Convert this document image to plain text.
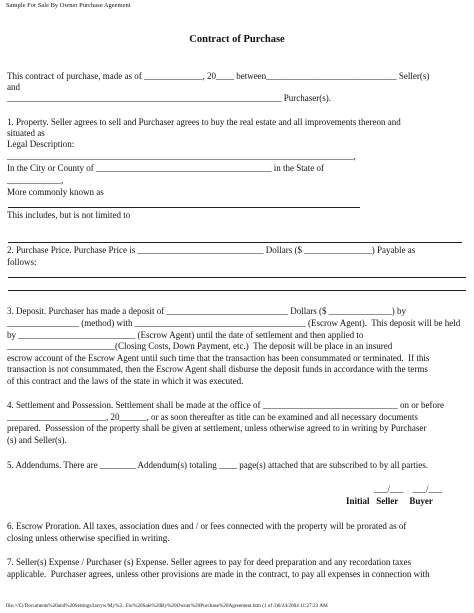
Sample For Sale By Owner Purchase Ageement
Contract of Purchase
This contract of purchase, made as of _____________, 20____ between_____________________________ Seller(s)
and
_____________________________________________________________ Purchaser(s).
1. Property. Seller agrees to sell and Purchaser agrees to buy the real estate and all improvements thereon and
situated as
Legal Description:
_____________________________________________________________________________,
In the City or County of _______________________________________ in the State of
____________,
More commonly known as
This includes, but is not limited to
2. Purchase Price. Purchase Price is ____________________________ Dollars ($ _______________) Payable as
follows:
3. Deposit. Purchaser has made a deposit of ___________________________ Dollars ($ ______________) by
________________ (method) with ______________________________________ (Escrow Agent).  This deposit will be held
by __________________________ (Escrow Agent) until the date of settlement and then applied to
________________________(Closing Costs, Down Payment, etc.)  The deposit will be place in an insured
escrow account of the Escrow Agent until such time that the transaction has been consummated or terminated.  If this
transaction is not consummated, then the Escrow Agent shall disburse the deposit funds in accordance with the terms
of this contract and the laws of the state in which it was executed.
4. Settlement and Possession. Settlement shall be made at the office of ______________________________ on or before
______________________, 20______, or as soon thereafter as title can be examined and all necessary documents
prepared.  Possession of the property shall be given at settlement, unless otherwise agreed to in writing by Purchaser
(s) and Seller(s).
5. Addendums. There are ________ Addendum(s) totaling ____ page(s) attached that are subscribed to by all parties.
___/___    ___/___
Initial   Seller     Buyer
6. Escrow Proration. All taxes, association dues and / or fees connected with the property will be prorated as of
closing unless otherwise specified in writing.
7. Seller(s) Expense / Purchaser (s) Expense. Seller agrees to pay for deed preparation and any recordation taxes
applicable.  Purchaser agrees, unless other provisions are made in the contract, to pay all expenses in connection with
file:///C|/Documents%20and%20Settings/larryw/My%2...For%20Sale%20By%20Owner%20Purchase%20Agreement.htm (1 of 3)6/24/2004 11:27:23 AM
